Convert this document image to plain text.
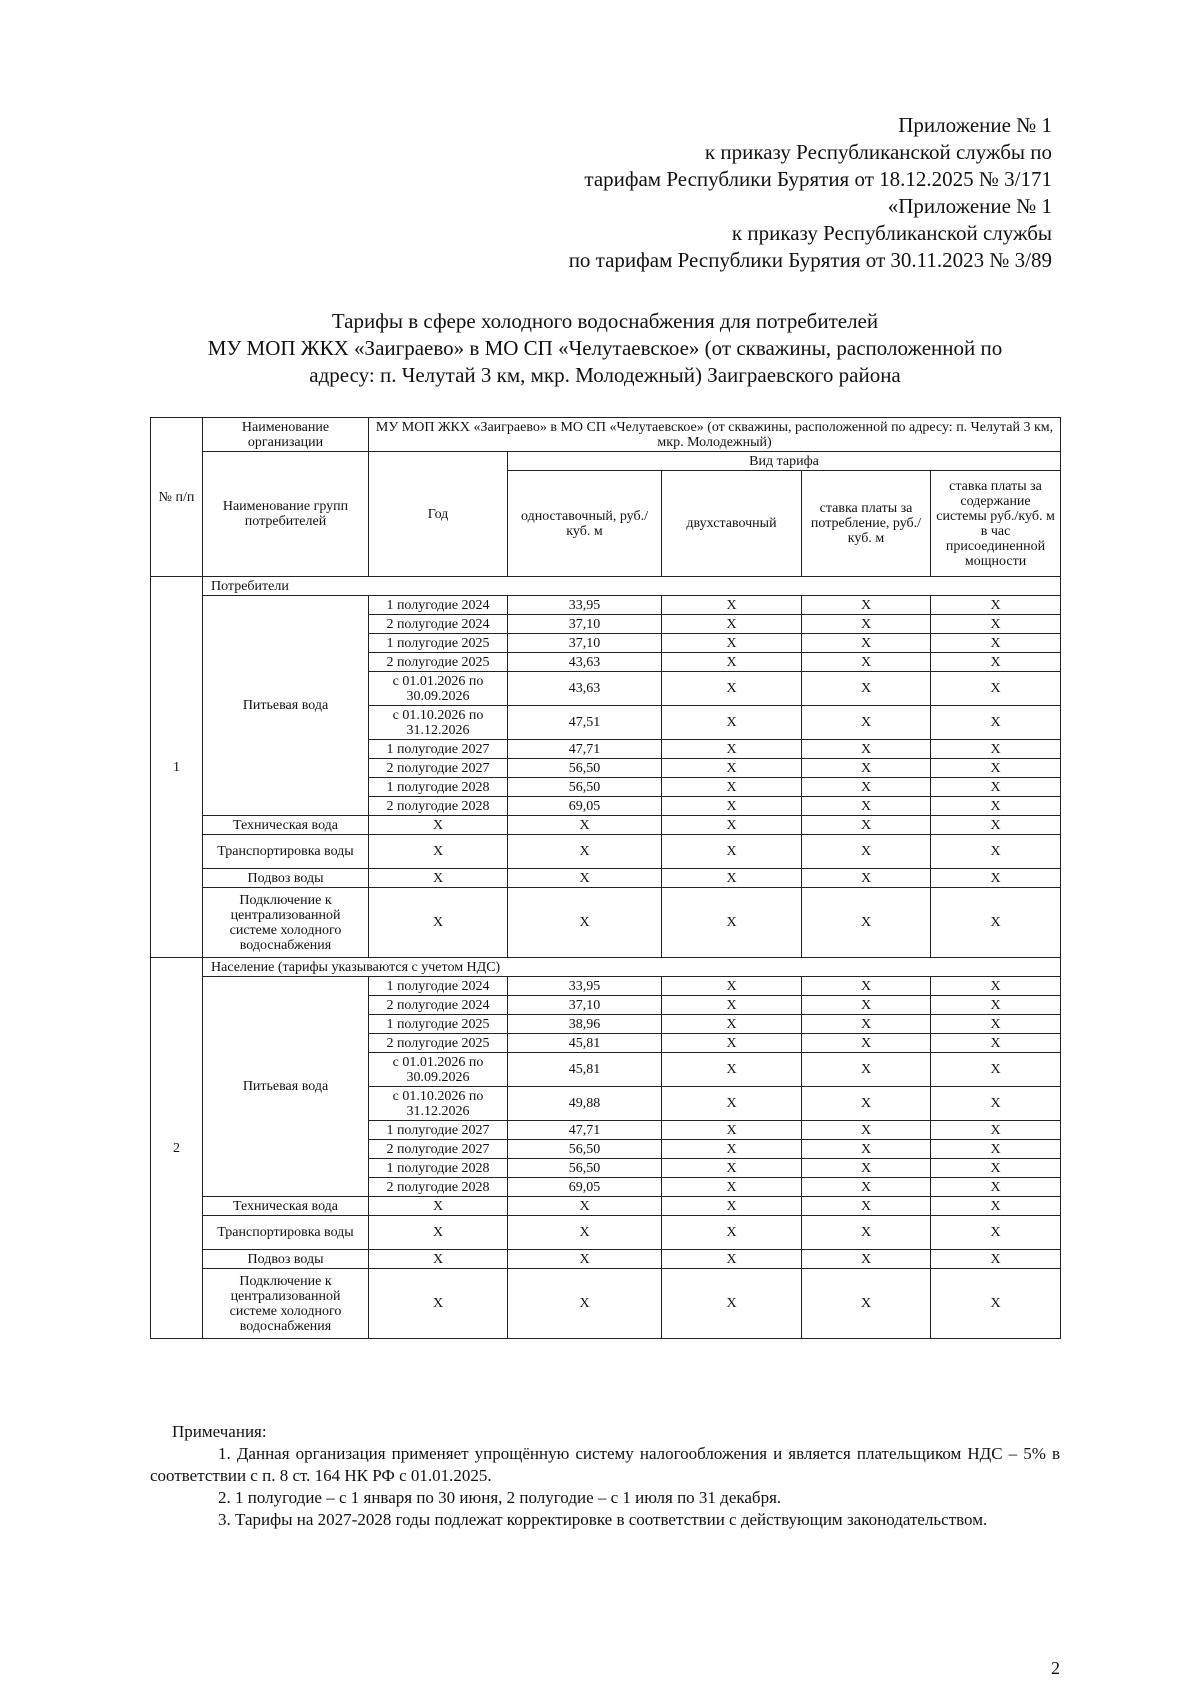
Приложение № 1
к приказу Республиканской службы по
тарифам Республики Бурятия от 18.12.2025 № 3/171
«Приложение № 1
к приказу Республиканской службы
по тарифам Республики Бурятия от 30.11.2023 № 3/89
Тарифы в сфере холодного водоснабжения для потребителей
МУ МОП ЖКХ «Заиграево» в МО СП «Челутаевское» (от скважины, расположенной по
адресу: п. Челутай 3 км, мкр. Молодежный) Заиграевского района
№ п/п	Наименование организации	МУ МОП ЖКХ «Заиграево» в МО СП «Челутаевское» (от скважины, расположенной по адресу: п. Челутай 3 км, мкр. Молодежный)				
	Наименование групп потребителей	Год	Вид тарифа			
			одноставочный, руб./ куб. м	двухставочный	ставка платы за потребление, руб./ куб. м	ставка платы за содержание системы руб./куб. м в час присоединенной мощности
1	Потребители					
	Питьевая вода	1 полугодие 2024	33,95	X	X	X
		2 полугодие 2024	37,10	X	X	X
		1 полугодие 2025	37,10	X	X	X
		2 полугодие 2025	43,63	X	X	X
		с 01.01.2026 по 30.09.2026	43,63	X	X	X
		с 01.10.2026 по 31.12.2026	47,51	X	X	X
		1 полугодие 2027	47,71	X	X	X
		2 полугодие 2027	56,50	X	X	X
		1 полугодие 2028	56,50	X	X	X
		2 полугодие 2028	69,05	X	X	X
	Техническая вода	X	X	X	X	X
	Транспортировка воды	X	X	X	X	X
	Подвоз воды	X	X	X	X	X
	Подключение к централизованной системе холодного водоснабжения	X	X	X	X	X
2	Население (тарифы указываются с учетом НДС)					
	Питьевая вода	1 полугодие 2024	33,95	X	X	X
		2 полугодие 2024	37,10	X	X	X
		1 полугодие 2025	38,96	X	X	X
		2 полугодие 2025	45,81	X	X	X
		с 01.01.2026 по 30.09.2026	45,81	X	X	X
		с 01.10.2026 по 31.12.2026	49,88	X	X	X
		1 полугодие 2027	47,71	X	X	X
		2 полугодие 2027	56,50	X	X	X
		1 полугодие 2028	56,50	X	X	X
		2 полугодие 2028	69,05	X	X	X
	Техническая вода	X	X	X	X	X
	Транспортировка воды	X	X	X	X	X
	Подвоз воды	X	X	X	X	X
	Подключение к централизованной системе холодного водоснабжения	X	X	X	X	X
Примечания:

1. Данная организация применяет упрощённую систему налогообложения и является плательщиком НДС – 5% в соответствии с п. 8 ст. 164 НК РФ с 01.01.2025.

2. 1 полугодие – с 1 января по 30 июня, 2 полугодие – с 1 июля по 31 декабря.

3. Тарифы на 2027-2028 годы подлежат корректировке в соответствии с действующим законодательством.

2
